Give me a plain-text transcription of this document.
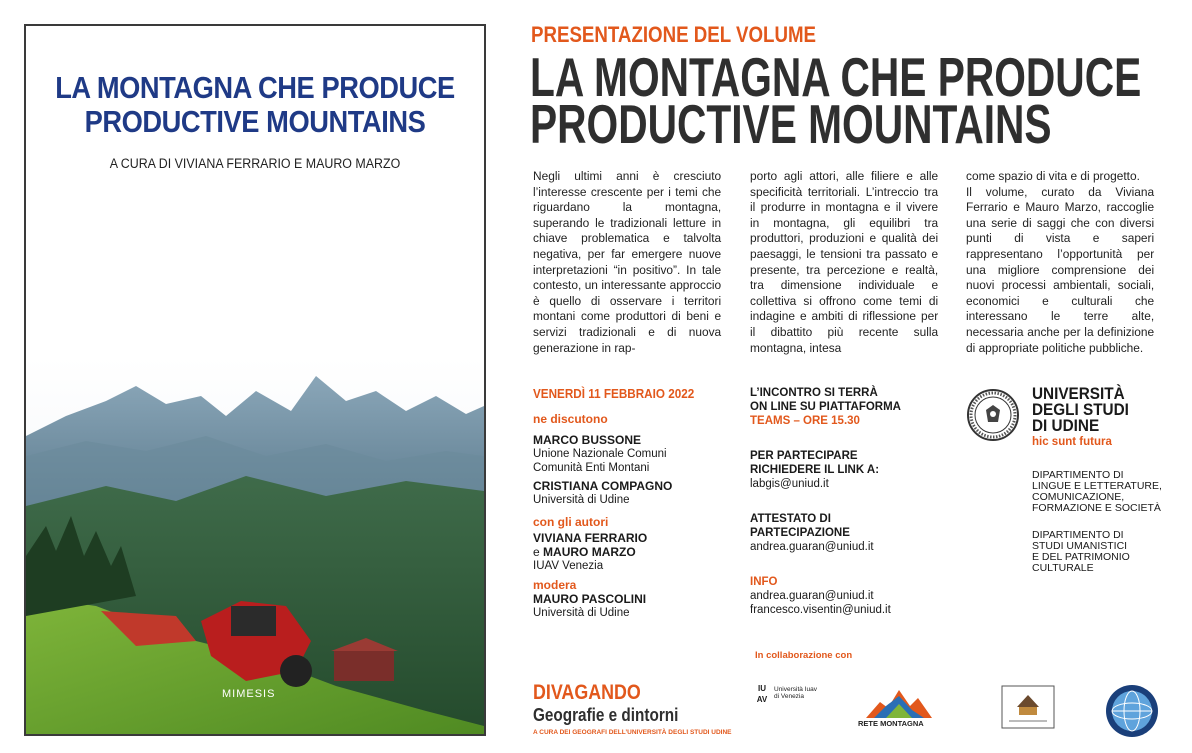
LA MONTAGNA CHE PRODUCE
PRODUCTIVE MOUNTAINS
A CURA DI VIVIANA FERRARIO E MAURO MARZO
MIMESIS
PRESENTAZIONE DEL VOLUME
LA MONTAGNA CHE PRODUCE
PRODUCTIVE MOUNTAINS
Negli ultimi anni è cresciuto l’interesse crescente per i temi che riguardano la montagna, superando le tradizionali letture in chiave problematica e talvolta negativa, per far emergere nuove interpretazioni “in positivo”. In tale contesto, un interessante approccio è quello di osservare i territori montani come produttori di beni e servizi tradizionali e di nuova generazione in rap-
porto agli attori, alle filiere e alle specificità territoriali. L’intreccio tra il produrre in montagna e il vivere in montagna, gli equilibri tra produttori, produzioni e qualità dei paesaggi, le tensioni tra passato e presente, tra percezione e realtà, tra dimensione individuale e collettiva si offrono come temi di indagine e ambiti di riflessione per il dibattito più recente sulla montagna, intesa
come spazio di vita e di progetto.
Il volume, curato da Viviana Ferrario e Mauro Marzo, raccoglie una serie di saggi che con diversi punti di vista e saperi rappresentano l’opportunità per una migliore comprensione dei nuovi processi ambientali, sociali, economici e culturali che interessano le terre alte, necessaria anche per la definizione di appropriate politiche pubbliche.
VENERDÌ 11 FEBBRAIO 2022
ne discutono
MARCO BUSSONE
Unione Nazionale Comuni
Comunità Enti Montani
CRISTIANA COMPAGNO
Università di Udine
con gli autori
VIVIANA FERRARIO
e MAURO MARZO
IUAV Venezia
modera
MAURO PASCOLINI
Università di Udine
L’INCONTRO SI TERRÀ
ON LINE SU PIATTAFORMA
TEAMS – ORE 15.30
PER PARTECIPARE
RICHIEDERE IL LINK A:
labgis@uniud.it
ATTESTATO DI
PARTECIPAZIONE
andrea.guaran@uniud.it
INFO
andrea.guaran@uniud.it
francesco.visentin@uniud.it
UNIVERSITÀ
DEGLI STUDI
DI UDINE
hic sunt futura
DIPARTIMENTO DI
LINGUE E LETTERATURE,
COMUNICAZIONE,
FORMAZIONE E SOCIETÀ
DIPARTIMENTO DI
STUDI UMANISTICI
E DEL PATRIMONIO
CULTURALE
In collaborazione con
DIVAGANDO
Geografie e dintorni
A CURA DEI GEOGRAFI DELL’UNIVERSITÀ DEGLI STUDI UDINE
IUAV
Università Iuav
di Venezia
RETE MONTAGNA
